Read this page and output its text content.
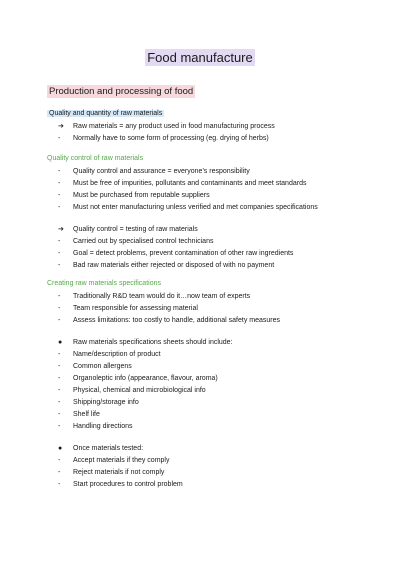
Food manufacture
Production and processing of food
Quality and quantity of raw materials
➔	Raw materials = any product used in food manufacturing process
-	Normally have to some form of processing (eg. drying of herbs)
Quality control of raw materials
-	Quality control and assurance = everyone’s responsibility
-	Must be free of impurities, pollutants and contaminants and meet standards
-	Must be purchased from reputable suppliers
-	Must not enter manufacturing unless verified and met companies specifications
➔	Quality control = testing of raw materials
-	Carried out by specialised control technicians
-	Goal = detect problems, prevent contamination of other raw ingredients
-	Bad raw materials either rejected or disposed of with no payment
Creating raw materials specifications
-	Traditionally R&D team would do it…now team of experts
-	Team responsible for assessing material
-	Assess limitations: too costly to handle, additional safety measures
●	Raw materials specifications sheets should include:
-	Name/description of product
-	Common allergens
-	Organoleptic info (appearance, flavour, aroma)
-	Physical, chemical and microbiological info
-	Shipping/storage info
-	Shelf life
-	Handling directions
●	Once materials tested:
-	Accept materials if they comply
-	Reject materials if not comply
-	Start procedures to control problem
